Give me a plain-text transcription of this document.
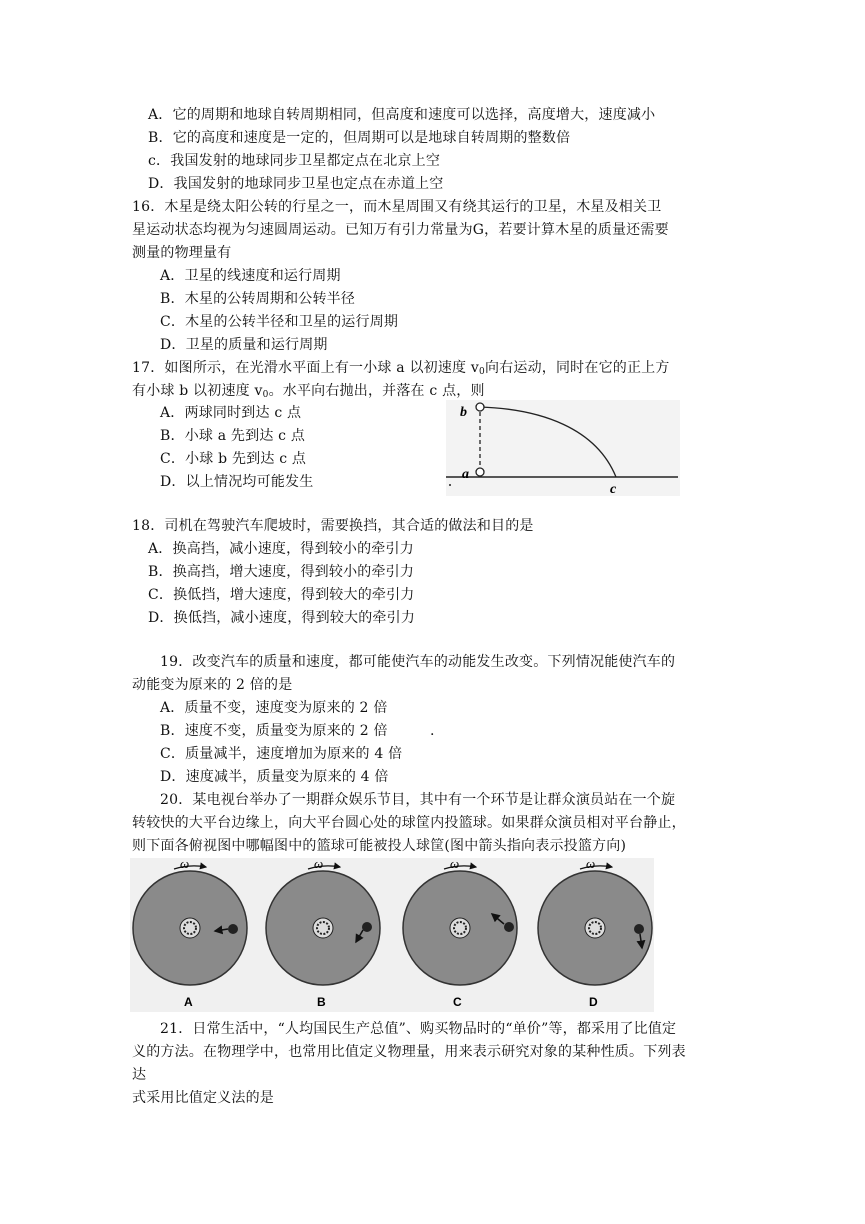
A．它的周期和地球自转周期相同，但高度和速度可以选择，高度增大，速度减小
B．它的高度和速度是一定的，但周期可以是地球自转周期的整数倍
c．我国发射的地球同步卫星都定点在北京上空
D．我国发射的地球同步卫星也定点在赤道上空
16．木星是绕太阳公转的行星之一，而木星周围又有绕其运行的卫星，木星及相关卫
星运动状态均视为匀速圆周运动。已知万有引力常量为G，若要计算木星的质量还需要
测量的物理量有
A．卫星的线速度和运行周期
B．木星的公转周期和公转半径
C．木星的公转半径和卫星的运行周期
D．卫星的质量和运行周期
17．如图所示，在光滑水平面上有一小球 a 以初速度 $v_0$向右运动，同时在它的正上方
有小球 b 以初速度 $v_0$。水平向右抛出，并落在 c 点，则
A．两球同时到达 c 点
B．小球 a 先到达 c 点
C．小球 b 先到达 c 点
D．以上情况均可能发生
b
a
c
18．司机在驾驶汽车爬坡时，需要换挡，其合适的做法和目的是
A．换高挡，减小速度，得到较小的牵引力
B．换高挡，增大速度，得到较小的牵引力
C．换低挡，增大速度，得到较大的牵引力
D．换低挡，减小速度，得到较大的牵引力
19．改变汽车的质量和速度，都可能使汽车的动能发生改变。下列情况能使汽车的
动能变为原来的 2 倍的是
A．质量不变，速度变为原来的 2 倍
B．速度不变，质量变为原来的 2 倍	.
C．质量减半，速度增加为原来的 4 倍
D．速度减半，质量变为原来的 4 倍
20．某电视台举办了一期群众娱乐节目，其中有一个环节是让群众演员站在一个旋
转较快的大平台边缘上，向大平台圆心处的球筐内投篮球。如果群众演员相对平台静止，
则下面各俯视图中哪幅图中的篮球可能被投人球筐(图中箭头指向表示投篮方向)
ω
A
ω
B
ω
C
ω
D
21．日常生活中，“人均国民生产总值”、购买物品时的“单价”等，都采用了比值定
义的方法。在物理学中，也常用比值定义物理量，用来表示研究对象的某种性质。下列表
达
式采用比值定义法的是
